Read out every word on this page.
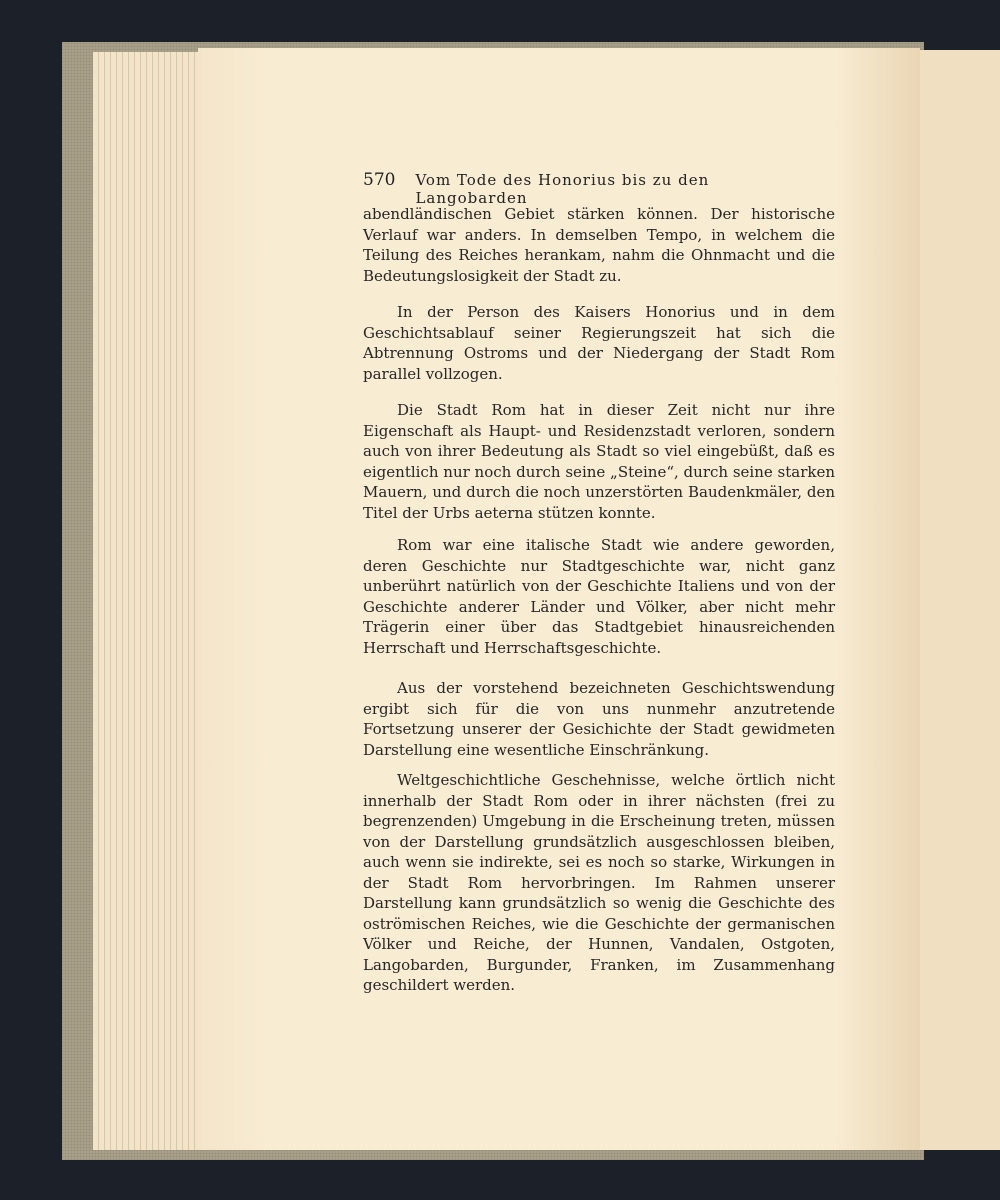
570 Vom Tode des Honorius bis zu den Langobarden

abendländischen Gebiet stärken können. Der historische Verlauf war anders. In demselben Tempo, in welchem die Teilung des Reiches herankam, nahm die Ohnmacht und die Bedeutungslosigkeit der Stadt zu.

In der Person des Kaisers Honorius und in dem Geschichtsablauf seiner Regierungszeit hat sich die Abtrennung Ostroms und der Niedergang der Stadt Rom parallel vollzogen.

Die Stadt Rom hat in dieser Zeit nicht nur ihre Eigenschaft als Haupt- und Residenzstadt verloren, sondern auch von ihrer Bedeutung als Stadt so viel eingebüßt, daß es eigentlich nur noch durch seine „Steine“, durch seine starken Mauern, und durch die noch unzerstörten Baudenkmäler, den Titel der Urbs aeterna stützen konnte.

Rom war eine italische Stadt wie andere geworden, deren Geschichte nur Stadtgeschichte war, nicht ganz unberührt natürlich von der Geschichte Italiens und von der Geschichte anderer Länder und Völker, aber nicht mehr Trägerin einer über das Stadtgebiet hinausreichenden Herrschaft und Herrschaftsgeschichte.

Aus der vorstehend bezeichneten Geschichtswendung ergibt sich für die von uns nunmehr anzutretende Fortsetzung unserer der Gesichichte der Stadt gewidmeten Darstellung eine wesentliche Einschränkung.

Weltgeschichtliche Geschehnisse, welche örtlich nicht innerhalb der Stadt Rom oder in ihrer nächsten (frei zu begrenzenden) Umgebung in die Erscheinung treten, müssen von der Darstellung grundsätzlich ausgeschlossen bleiben, auch wenn sie indirekte, sei es noch so starke, Wirkungen in der Stadt Rom hervorbringen. Im Rahmen unserer Darstellung kann grundsätzlich so wenig die Geschichte des oströmischen Reiches, wie die Geschichte der germanischen Völker und Reiche, der Hunnen, Vandalen, Ostgoten, Langobarden, Burgunder, Franken, im Zusammenhang geschildert werden.
